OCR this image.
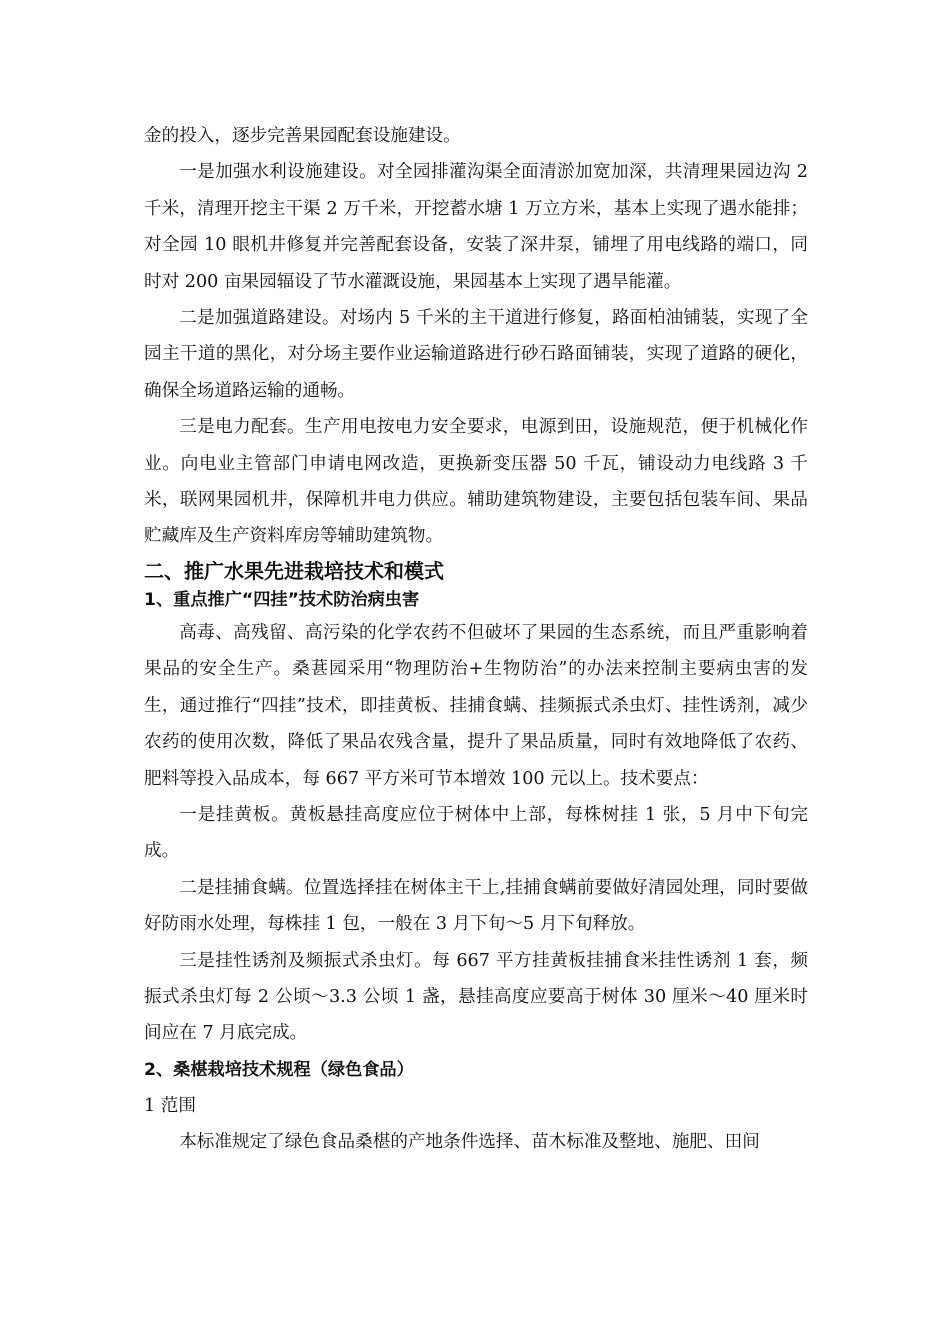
金的投入，逐步完善果园配套设施建设。

一是加强水利设施建设。对全园排灌沟渠全面清淤加宽加深，共清理果园边沟 2 千米，清理开挖主干渠 2 万千米，开挖蓄水塘 1 万立方米，基本上实现了遇水能排；对全园 10 眼机井修复并完善配套设备，安装了深井泵，铺埋了用电线路的端口，同时对 200 亩果园辐设了节水灌溉设施，果园基本上实现了遇旱能灌。

二是加强道路建设。对场内 5 千米的主干道进行修复，路面柏油铺装，实现了全园主干道的黑化，对分场主要作业运输道路进行砂石路面铺装，实现了道路的硬化，确保全场道路运输的通畅。

三是电力配套。生产用电按电力安全要求，电源到田，设施规范，便于机械化作业。向电业主管部门申请电网改造，更换新变压器 50 千瓦，铺设动力电线路 3 千米，联网果园机井，保障机井电力供应。辅助建筑物建设，主要包括包装车间、果品贮藏库及生产资料库房等辅助建筑物。

二、推广水果先进栽培技术和模式
1、重点推广“四挂”技术防治病虫害

高毒、高残留、高污染的化学农药不但破坏了果园的生态系统，而且严重影响着果品的安全生产。桑葚园采用“物理防治+生物防治”的办法来控制主要病虫害的发生，通过推行“四挂”技术，即挂黄板、挂捕食螨、挂频振式杀虫灯、挂性诱剂，减少农药的使用次数，降低了果品农残含量，提升了果品质量，同时有效地降低了农药、肥料等投入品成本，每 667 平方米可节本增效 100 元以上。技术要点：

一是挂黄板。黄板悬挂高度应位于树体中上部，每株树挂 1 张，5 月中下旬完成。

二是挂捕食螨。位置选择挂在树体主干上,挂捕食螨前要做好清园处理，同时要做好防雨水处理，每株挂 1 包，一般在 3 月下旬～5 月下旬释放。

三是挂性诱剂及频振式杀虫灯。每 667 平方挂黄板挂捕食米挂性诱剂 1 套，频振式杀虫灯每 2 公顷～3.3 公顷 1 盏，悬挂高度应要高于树体 30 厘米～40 厘米时间应在 7 月底完成。

2、桑椹栽培技术规程（绿色食品）

1 范围

本标准规定了绿色食品桑椹的产地条件选择、苗木标准及整地、施肥、田间
